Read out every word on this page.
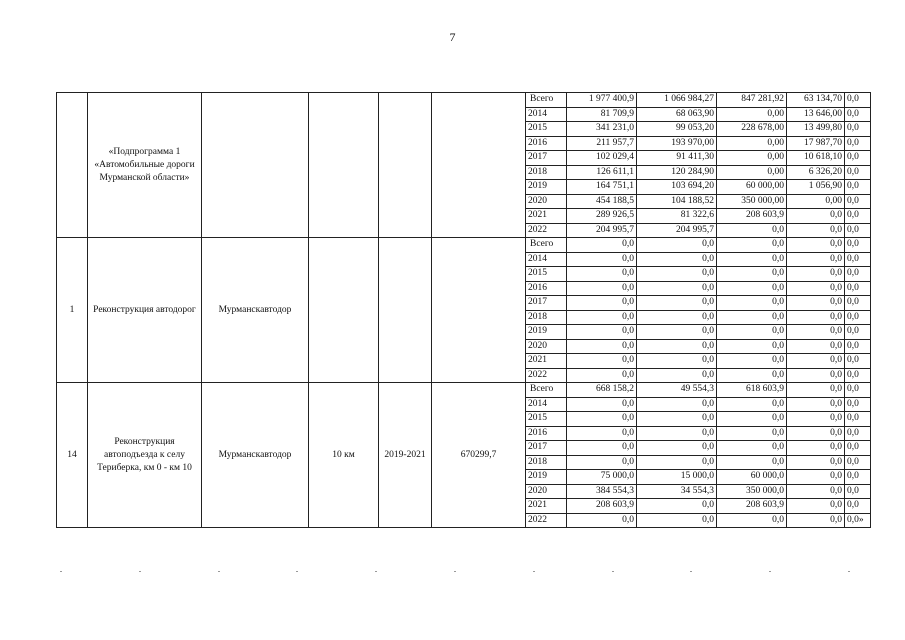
7
	«Подпрограмма 1 «Автомобильные дороги Мурманской области»					Всего	1 977 400,9	1 066 984,27	847 281,92	63 134,70	0,0
						2014	81 709,9	68 063,90	0,00	13 646,00	0,0
						2015	341 231,0	99 053,20	228 678,00	13 499,80	0,0
						2016	211 957,7	193 970,00	0,00	17 987,70	0,0
						2017	102 029,4	91 411,30	0,00	10 618,10	0,0
						2018	126 611,1	120 284,90	0,00	6 326,20	0,0
						2019	164 751,1	103 694,20	60 000,00	1 056,90	0,0
						2020	454 188,5	104 188,52	350 000,00	0,00	0,0
						2021	289 926,5	81 322,6	208 603,9	0,0	0,0
						2022	204 995,7	204 995,7	0,0	0,0	0,0
1	Реконструкция автодорог	Мурманскавтодор				Всего	0,0	0,0	0,0	0,0	0,0
						2014	0,0	0,0	0,0	0,0	0,0
						2015	0,0	0,0	0,0	0,0	0,0
						2016	0,0	0,0	0,0	0,0	0,0
						2017	0,0	0,0	0,0	0,0	0,0
						2018	0,0	0,0	0,0	0,0	0,0
						2019	0,0	0,0	0,0	0,0	0,0
						2020	0,0	0,0	0,0	0,0	0,0
						2021	0,0	0,0	0,0	0,0	0,0
						2022	0,0	0,0	0,0	0,0	0,0
14	Реконструкция автоподъезда к селу Териберка, км 0 - км 10	Мурманскавтодор	10 км	2019-2021	670299,7	Всего	668 158,2	49 554,3	618 603,9	0,0	0,0
						2014	0,0	0,0	0,0	0,0	0,0
						2015	0,0	0,0	0,0	0,0	0,0
						2016	0,0	0,0	0,0	0,0	0,0
						2017	0,0	0,0	0,0	0,0	0,0
						2018	0,0	0,0	0,0	0,0	0,0
						2019	75 000,0	15 000,0	60 000,0	0,0	0,0
						2020	384 554,3	34 554,3	350 000,0	0,0	0,0
						2021	208 603,9	0,0	208 603,9	0,0	0,0
						2022	0,0	0,0	0,0	0,0	0,0»
